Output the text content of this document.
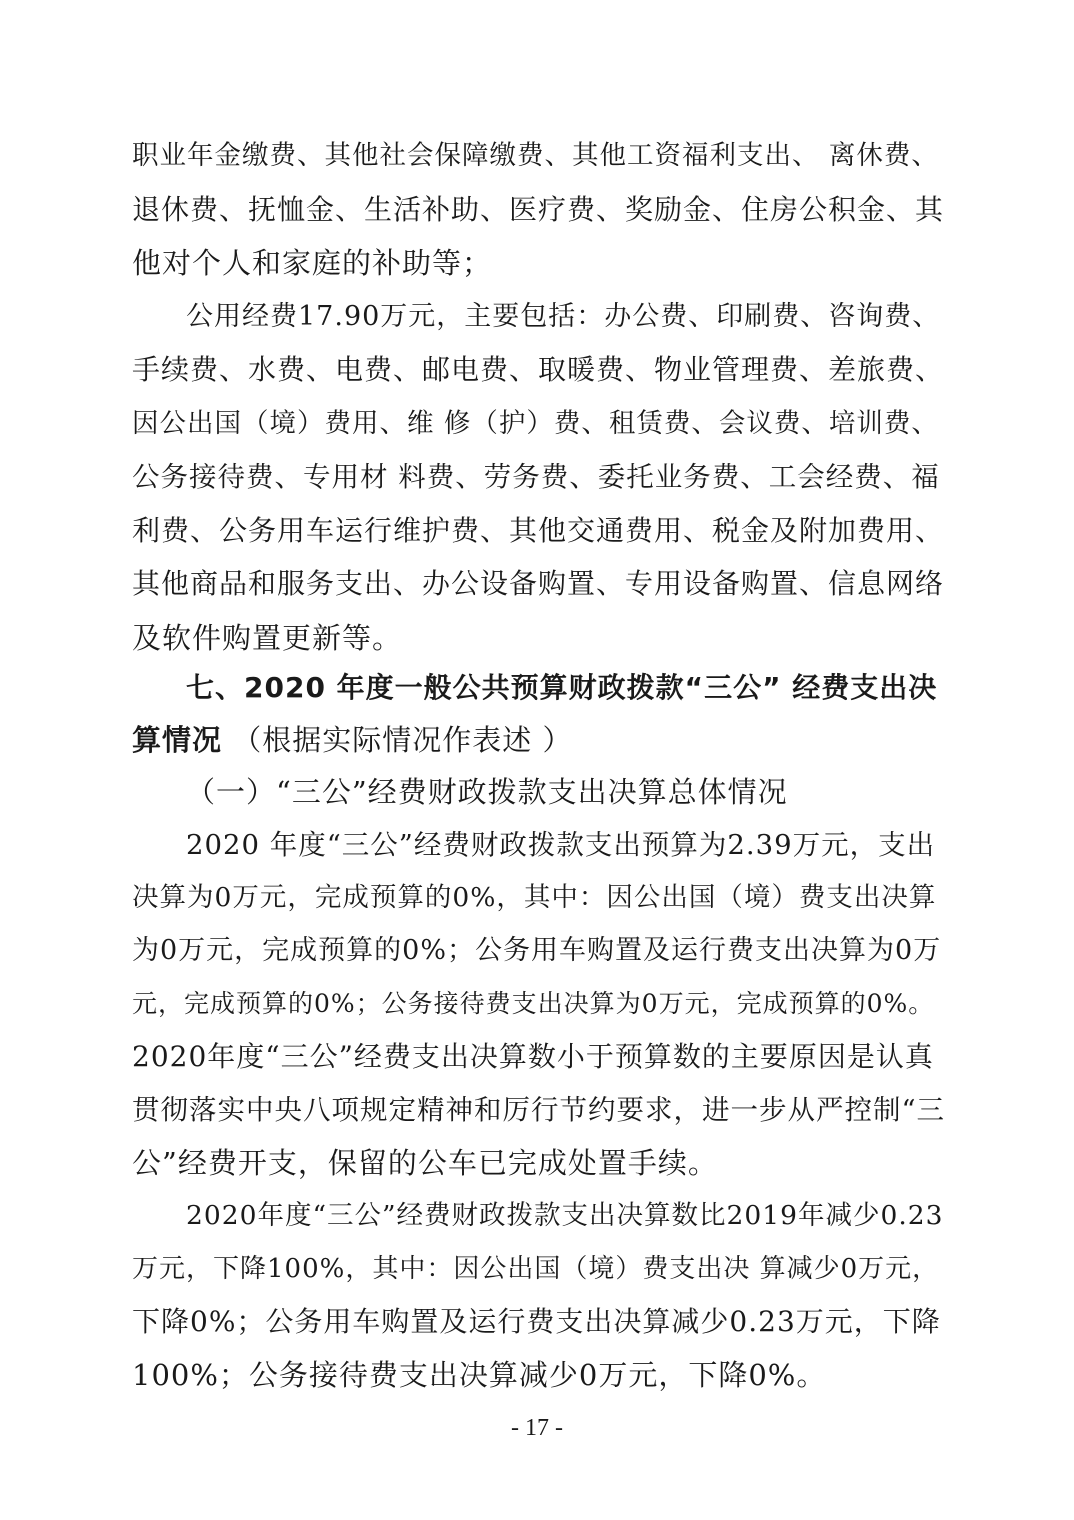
职业年金缴费、其他社会保障缴费、其他工资福利支出、 离休费、
退休费、抚恤金、生活补助、医疗费、奖励金、住房公积金、其
他对个人和家庭的补助等；
公用经费17.90万元，主要包括：办公费、印刷费、咨询费、
手续费、水费、电费、邮电费、取暖费、物业管理费、差旅费、
因公出国（境）费用、维 修（护）费、租赁费、会议费、培训费、
公务接待费、专用材 料费、劳务费、委托业务费、工会经费、福
利费、公务用车运行维护费、其他交通费用、税金及附加费用、
其他商品和服务支出、办公设备购置、专用设备购置、信息网络
及软件购置更新等。
七、2020 年度一般公共预算财政拨款“三公” 经费支出决
算情况 （根据实际情况作表述 ）
（一）“三公”经费财政拨款支出决算总体情况
2020 年度“三公”经费财政拨款支出预算为2.39万元，支出
决算为0万元，完成预算的0%，其中：因公出国（境）费支出决算
为0万元，完成预算的0%；公务用车购置及运行费支出决算为0万
元，完成预算的0%；公务接待费支出决算为0万元，完成预算的0%。
2020年度“三公”经费支出决算数小于预算数的主要原因是认真
贯彻落实中央八项规定精神和厉行节约要求，进一步从严控制“三
公”经费开支，保留的公车已完成处置手续。
2020年度“三公”经费财政拨款支出决算数比2019年减少0.23
万元，下降100%，其中：因公出国（境）费支出决 算减少0万元，
下降0%；公务用车购置及运行费支出决算减少0.23万元，下降
100%；公务接待费支出决算减少0万元，下降0%。
- 17 -
